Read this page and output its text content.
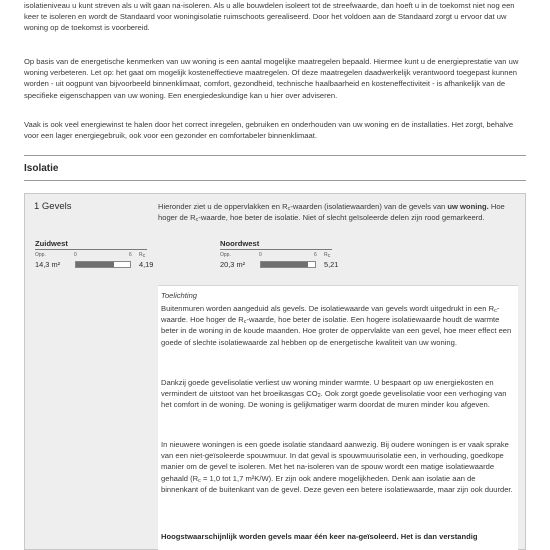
isolatieniveau u kunt streven als u wilt gaan na-isoleren. Als u alle bouwdelen isoleert tot de streefwaarde, dan hoeft u in de toekomst niet nog een keer te isoleren en wordt de Standaard voor woningisolatie ruimschoots gerealiseerd. Door het voldoen aan de Standaard zorgt u ervoor dat uw woning op de toekomst is voorbereid.

Op basis van de energetische kenmerken van uw woning is een aantal mogelijke maatregelen bepaald. Hiermee kunt u de energieprestatie van uw woning verbeteren. Let op: het gaat om mogelijk kosteneffectieve maatregelen. Of deze maatregelen daadwerkelijk verantwoord toegepast kunnen worden - uit oogpunt van bijvoorbeeld binnenklimaat, comfort, gezondheid, technische haalbaarheid en kosteneffectiviteit - is afhankelijk van de specifieke eigenschappen van uw woning. Een energiedeskundige kan u hier over adviseren.

Vaak is ook veel energiewinst te halen door het correct inregelen, gebruiken en onderhouden van uw woning en de installaties. Het zorgt, behalve voor een lager energiegebruik, ook voor een gezonder en comfortabeler binnenklimaat.

Isolatie
1 Gevels	Hieronder ziet u de oppervlakken en $R_c$-waarden (isolatiewaarden) van de gevels van uw woning. Hoe hoger de $R_c$-waarde, hoe beter de isolatie. Niet of slecht geïsoleerde delen zijn rood gemarkeerd.
Zuidwest
Opp.	0	6 $R_c$
14,3 m²	4,19
Noordwest
Opp.	0	6 $R_c$
20,3 m²	5,21
Toelichting

Buitenmuren worden aangeduid als gevels. De isolatiewaarde van gevels wordt uitgedrukt in een $R_c$-waarde. Hoe hoger de $R_c$-waarde, hoe beter de isolatie. Een hogere isolatiewaarde houdt de warmte beter in de woning in de koude maanden. Hoe groter de oppervlakte van een gevel, hoe meer effect een goede of slechte isolatiewaarde zal hebben op de energetische kwaliteit van uw woning.

Dankzij goede gevelisolatie verliest uw woning minder warmte. U bespaart op uw energiekosten en vermindert de uitstoot van het broeikasgas $CO_2$. Ook zorgt goede gevelisolatie voor een verhoging van het comfort in de woning. De woning is gelijkmatiger warm doordat de muren minder kou afgeven.

In nieuwere woningen is een goede isolatie standaard aanwezig. Bij oudere woningen is er vaak sprake van een niet-geïsoleerde spouwmuur. In dat geval is spouwmuurisolatie een, in verhouding, goedkope manier om de gevel te isoleren. Met het na-isoleren van de spouw wordt een matige isolatiewaarde gehaald ($R_c = 1,0$ tot 1,7 m²K/W). Er zijn ook andere mogelijkheden. Denk aan isolatie aan de binnenkant of de buitenkant van de gevel. Deze geven een betere isolatiewaarde, maar zijn ook duurder.

Hoogstwaarschijnlijk worden gevels maar één keer na-geïsoleerd. Het is dan verstandig
